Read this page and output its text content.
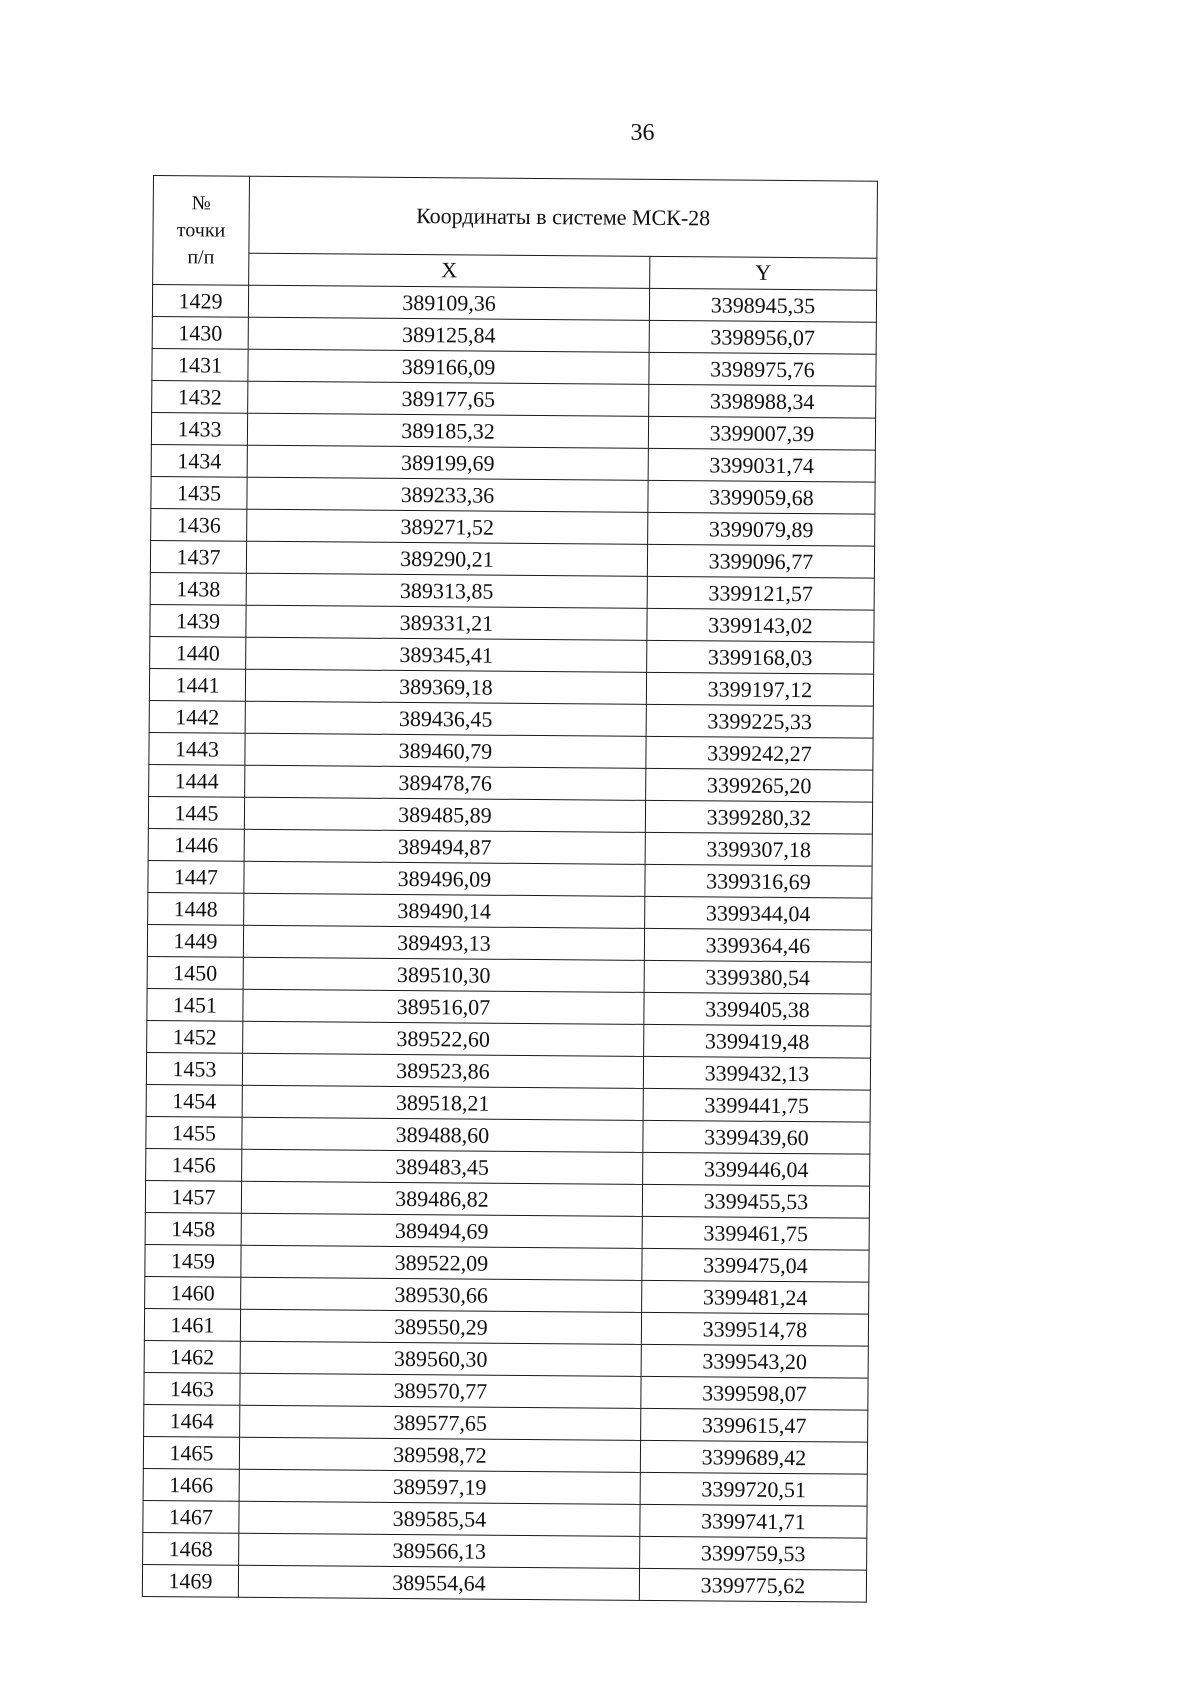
36
№
точки
п/п	Координаты в системе МСК-28	
	X	Y
1429	389109,36	3398945,35
1430	389125,84	3398956,07
1431	389166,09	3398975,76
1432	389177,65	3398988,34
1433	389185,32	3399007,39
1434	389199,69	3399031,74
1435	389233,36	3399059,68
1436	389271,52	3399079,89
1437	389290,21	3399096,77
1438	389313,85	3399121,57
1439	389331,21	3399143,02
1440	389345,41	3399168,03
1441	389369,18	3399197,12
1442	389436,45	3399225,33
1443	389460,79	3399242,27
1444	389478,76	3399265,20
1445	389485,89	3399280,32
1446	389494,87	3399307,18
1447	389496,09	3399316,69
1448	389490,14	3399344,04
1449	389493,13	3399364,46
1450	389510,30	3399380,54
1451	389516,07	3399405,38
1452	389522,60	3399419,48
1453	389523,86	3399432,13
1454	389518,21	3399441,75
1455	389488,60	3399439,60
1456	389483,45	3399446,04
1457	389486,82	3399455,53
1458	389494,69	3399461,75
1459	389522,09	3399475,04
1460	389530,66	3399481,24
1461	389550,29	3399514,78
1462	389560,30	3399543,20
1463	389570,77	3399598,07
1464	389577,65	3399615,47
1465	389598,72	3399689,42
1466	389597,19	3399720,51
1467	389585,54	3399741,71
1468	389566,13	3399759,53
1469	389554,64	3399775,62
